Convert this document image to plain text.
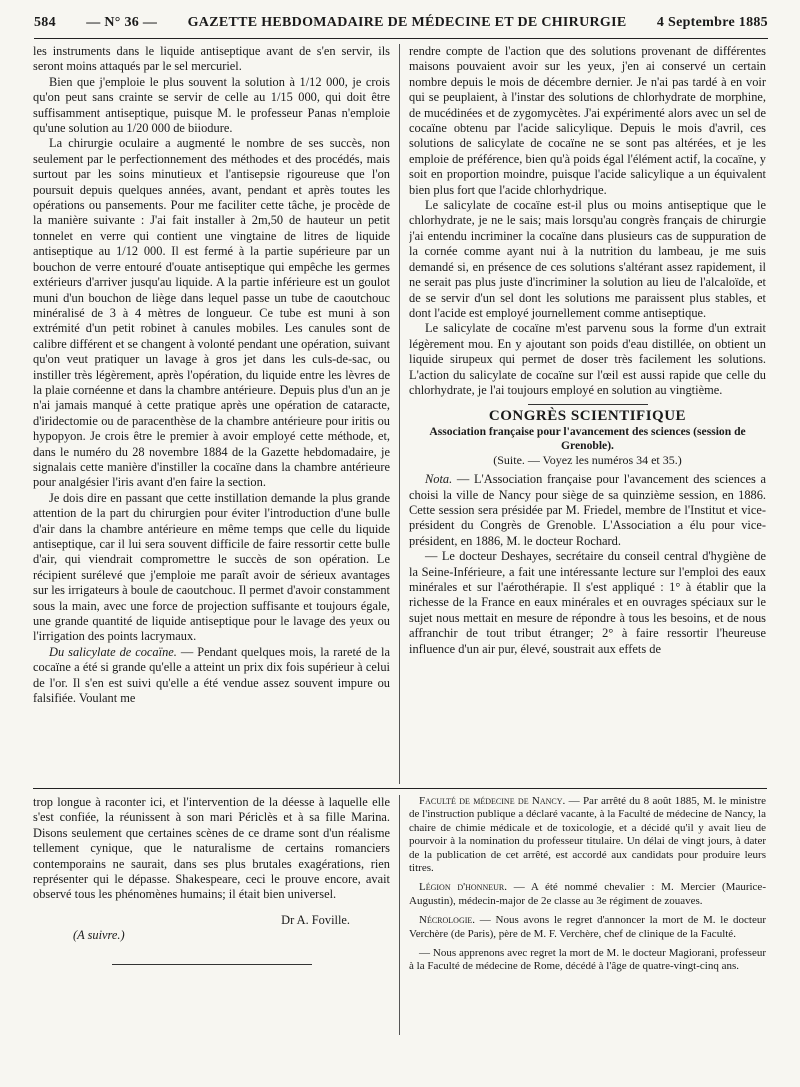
584 — N° 36 — GAZETTE HEBDOMADAIRE DE MÉDECINE ET DE CHIRURGIE 4 Septembre 1885

les instruments dans le liquide antiseptique avant de s'en servir, ils seront moins attaqués par le sel mercuriel.

Bien que j'emploie le plus souvent la solution à 1/12 000, je crois qu'on peut sans crainte se servir de celle au 1/15 000, qui doit être suffisamment antiseptique, puisque M. le professeur Panas n'emploie qu'une solution au 1/20 000 de biiodure.

La chirurgie oculaire a augmenté le nombre de ses succès, non seulement par le perfectionnement des méthodes et des procédés, mais surtout par les soins minutieux et l'antisepsie rigoureuse que l'on poursuit depuis quelques années, avant, pendant et après toutes les opérations ou pansements. Pour me faciliter cette tâche, je procède de la manière suivante : J'ai fait installer à 2m,50 de hauteur un petit tonnelet en verre qui contient une vingtaine de litres de liquide antiseptique au 1/12 000. Il est fermé à la partie supérieure par un bouchon de verre entouré d'ouate antiseptique qui empêche les germes extérieurs d'arriver jusqu'au liquide. A la partie inférieure est un goulot muni d'un bouchon de liège dans lequel passe un tube de caoutchouc minéralisé de 3 à 4 mètres de longueur. Ce tube est muni à son extrémité d'un petit robinet à canules mobiles. Les canules sont de calibre différent et se changent à volonté pendant une opération, suivant qu'on veut pratiquer un lavage à gros jet dans les culs-de-sac, ou instiller très légèrement, après l'opération, du liquide entre les lèvres de la plaie cornéenne et dans la chambre antérieure. Depuis plus d'un an je n'ai jamais manqué à cette pratique après une opération de cataracte, d'iridectomie ou de paracenthèse de la chambre antérieure pour iritis ou hypopyon. Je crois être le premier à avoir employé cette méthode, et, dans le numéro du 28 novembre 1884 de la Gazette hebdomadaire, je signalais cette manière d'instiller la cocaïne dans la chambre antérieure pour analgésier l'iris avant d'en faire la section.

Je dois dire en passant que cette instillation demande la plus grande attention de la part du chirurgien pour éviter l'introduction d'une bulle d'air dans la chambre antérieure en même temps que celle du liquide antiseptique, car il lui sera souvent difficile de faire ressortir cette bulle d'air, qui viendrait compromettre le succès de son opération. Le récipient surélevé que j'emploie me paraît avoir de sérieux avantages sur les irrigateurs à boule de caoutchouc. Il permet d'avoir constamment sous la main, avec une force de projection suffisante et toujours égale, une grande quantité de liquide antiseptique pour le lavage des yeux ou l'irrigation des points lacrymaux.

Du salicylate de cocaïne. — Pendant quelques mois, la rareté de la cocaïne a été si grande qu'elle a atteint un prix dix fois supérieur à celui de l'or. Il s'en est suivi qu'elle a été vendue assez souvent impure ou falsifiée. Voulant me

rendre compte de l'action que des solutions provenant de différentes maisons pouvaient avoir sur les yeux, j'en ai conservé un certain nombre depuis le mois de décembre dernier. Je n'ai pas tardé à en voir qui se peuplaient, à l'instar des solutions de chlorhydrate de morphine, de mucédinées et de zygomycètes. J'ai expérimenté alors avec un sel de cocaïne obtenu par l'acide salicylique. Depuis le mois d'avril, ces solutions de salicylate de cocaïne ne se sont pas altérées, et je les emploie de préférence, bien qu'à poids égal l'élément actif, la cocaïne, y soit en proportion moindre, puisque l'acide salicylique a un équivalent bien plus fort que l'acide chlorhydrique.

Le salicylate de cocaïne est-il plus ou moins antiseptique que le chlorhydrate, je ne le sais; mais lorsqu'au congrès français de chirurgie j'ai entendu incriminer la cocaïne dans plusieurs cas de suppuration de la cornée comme ayant nui à la nutrition du lambeau, je me suis demandé si, en présence de ces solutions s'altérant assez rapidement, il ne serait pas plus juste d'incriminer la solution au lieu de l'alcaloïde, et de se servir d'un sel dont les solutions me paraissent plus stables, et dont l'acide est employé journellement comme antiseptique.

Le salicylate de cocaïne m'est parvenu sous la forme d'un extrait légèrement mou. En y ajoutant son poids d'eau distillée, on obtient un liquide sirupeux qui permet de doser très facilement les solutions. L'action du salicylate de cocaïne sur l'œil est aussi rapide que celle du chlorhydrate, je l'ai toujours employé en solution au vingtième.

CONGRÈS SCIENTIFIQUE

Association française pour l'avancement des sciences (session de Grenoble).

(Suite. — Voyez les numéros 34 et 35.)

Nota. — L'Association française pour l'avancement des sciences a choisi la ville de Nancy pour siège de sa quinzième session, en 1886. Cette session sera présidée par M. Friedel, membre de l'Institut et vice-président du Congrès de Grenoble. L'Association a élu pour vice-président, en 1886, M. le docteur Rochard.

— Le docteur Deshayes, secrétaire du conseil central d'hygiène de la Seine-Inférieure, a fait une intéressante lecture sur l'emploi des eaux minérales et sur l'aérothérapie. Il s'est appliqué : 1° à établir que la richesse de la France en eaux minérales et en ouvrages spéciaux sur le sujet nous mettait en mesure de répondre à tous les besoins, et de nous affranchir de tout tribut étranger; 2° à faire ressortir l'heureuse influence d'un air pur, élevé, soustrait aux effets de

trop longue à raconter ici, et l'intervention de la déesse à laquelle elle s'est confiée, la réunissent à son mari Périclès et à sa fille Marina. Disons seulement que certaines scènes de ce drame sont d'un réalisme tellement cynique, que le naturalisme de certains romanciers contemporains ne saurait, dans ses plus brutales exagérations, rien représenter qui le dépasse. Shakespeare, ceci le prouve encore, avait observé tous les phénomènes humains; il était bien universel.

Dr A. Foville.

(A suivre.)

Faculté de médecine de Nancy. — Par arrêté du 8 août 1885, M. le ministre de l'instruction publique a déclaré vacante, à la Faculté de médecine de Nancy, la chaire de chimie médicale et de toxicologie, et a décidé qu'il y avait lieu de pourvoir à la nomination du professeur titulaire. Un délai de vingt jours, à dater de la publication de cet arrêté, est accordé aux candidats pour produire leurs titres.

Légion d'honneur. — A été nommé chevalier : M. Mercier (Maurice-Augustin), médecin-major de 2e classe au 3e régiment de zouaves.

Nécrologie. — Nous avons le regret d'annoncer la mort de M. le docteur Verchère (de Paris), père de M. F. Verchère, chef de clinique de la Faculté.

— Nous apprenons avec regret la mort de M. le docteur Magiorani, professeur à la Faculté de médecine de Rome, décédé à l'âge de quatre-vingt-cinq ans.
